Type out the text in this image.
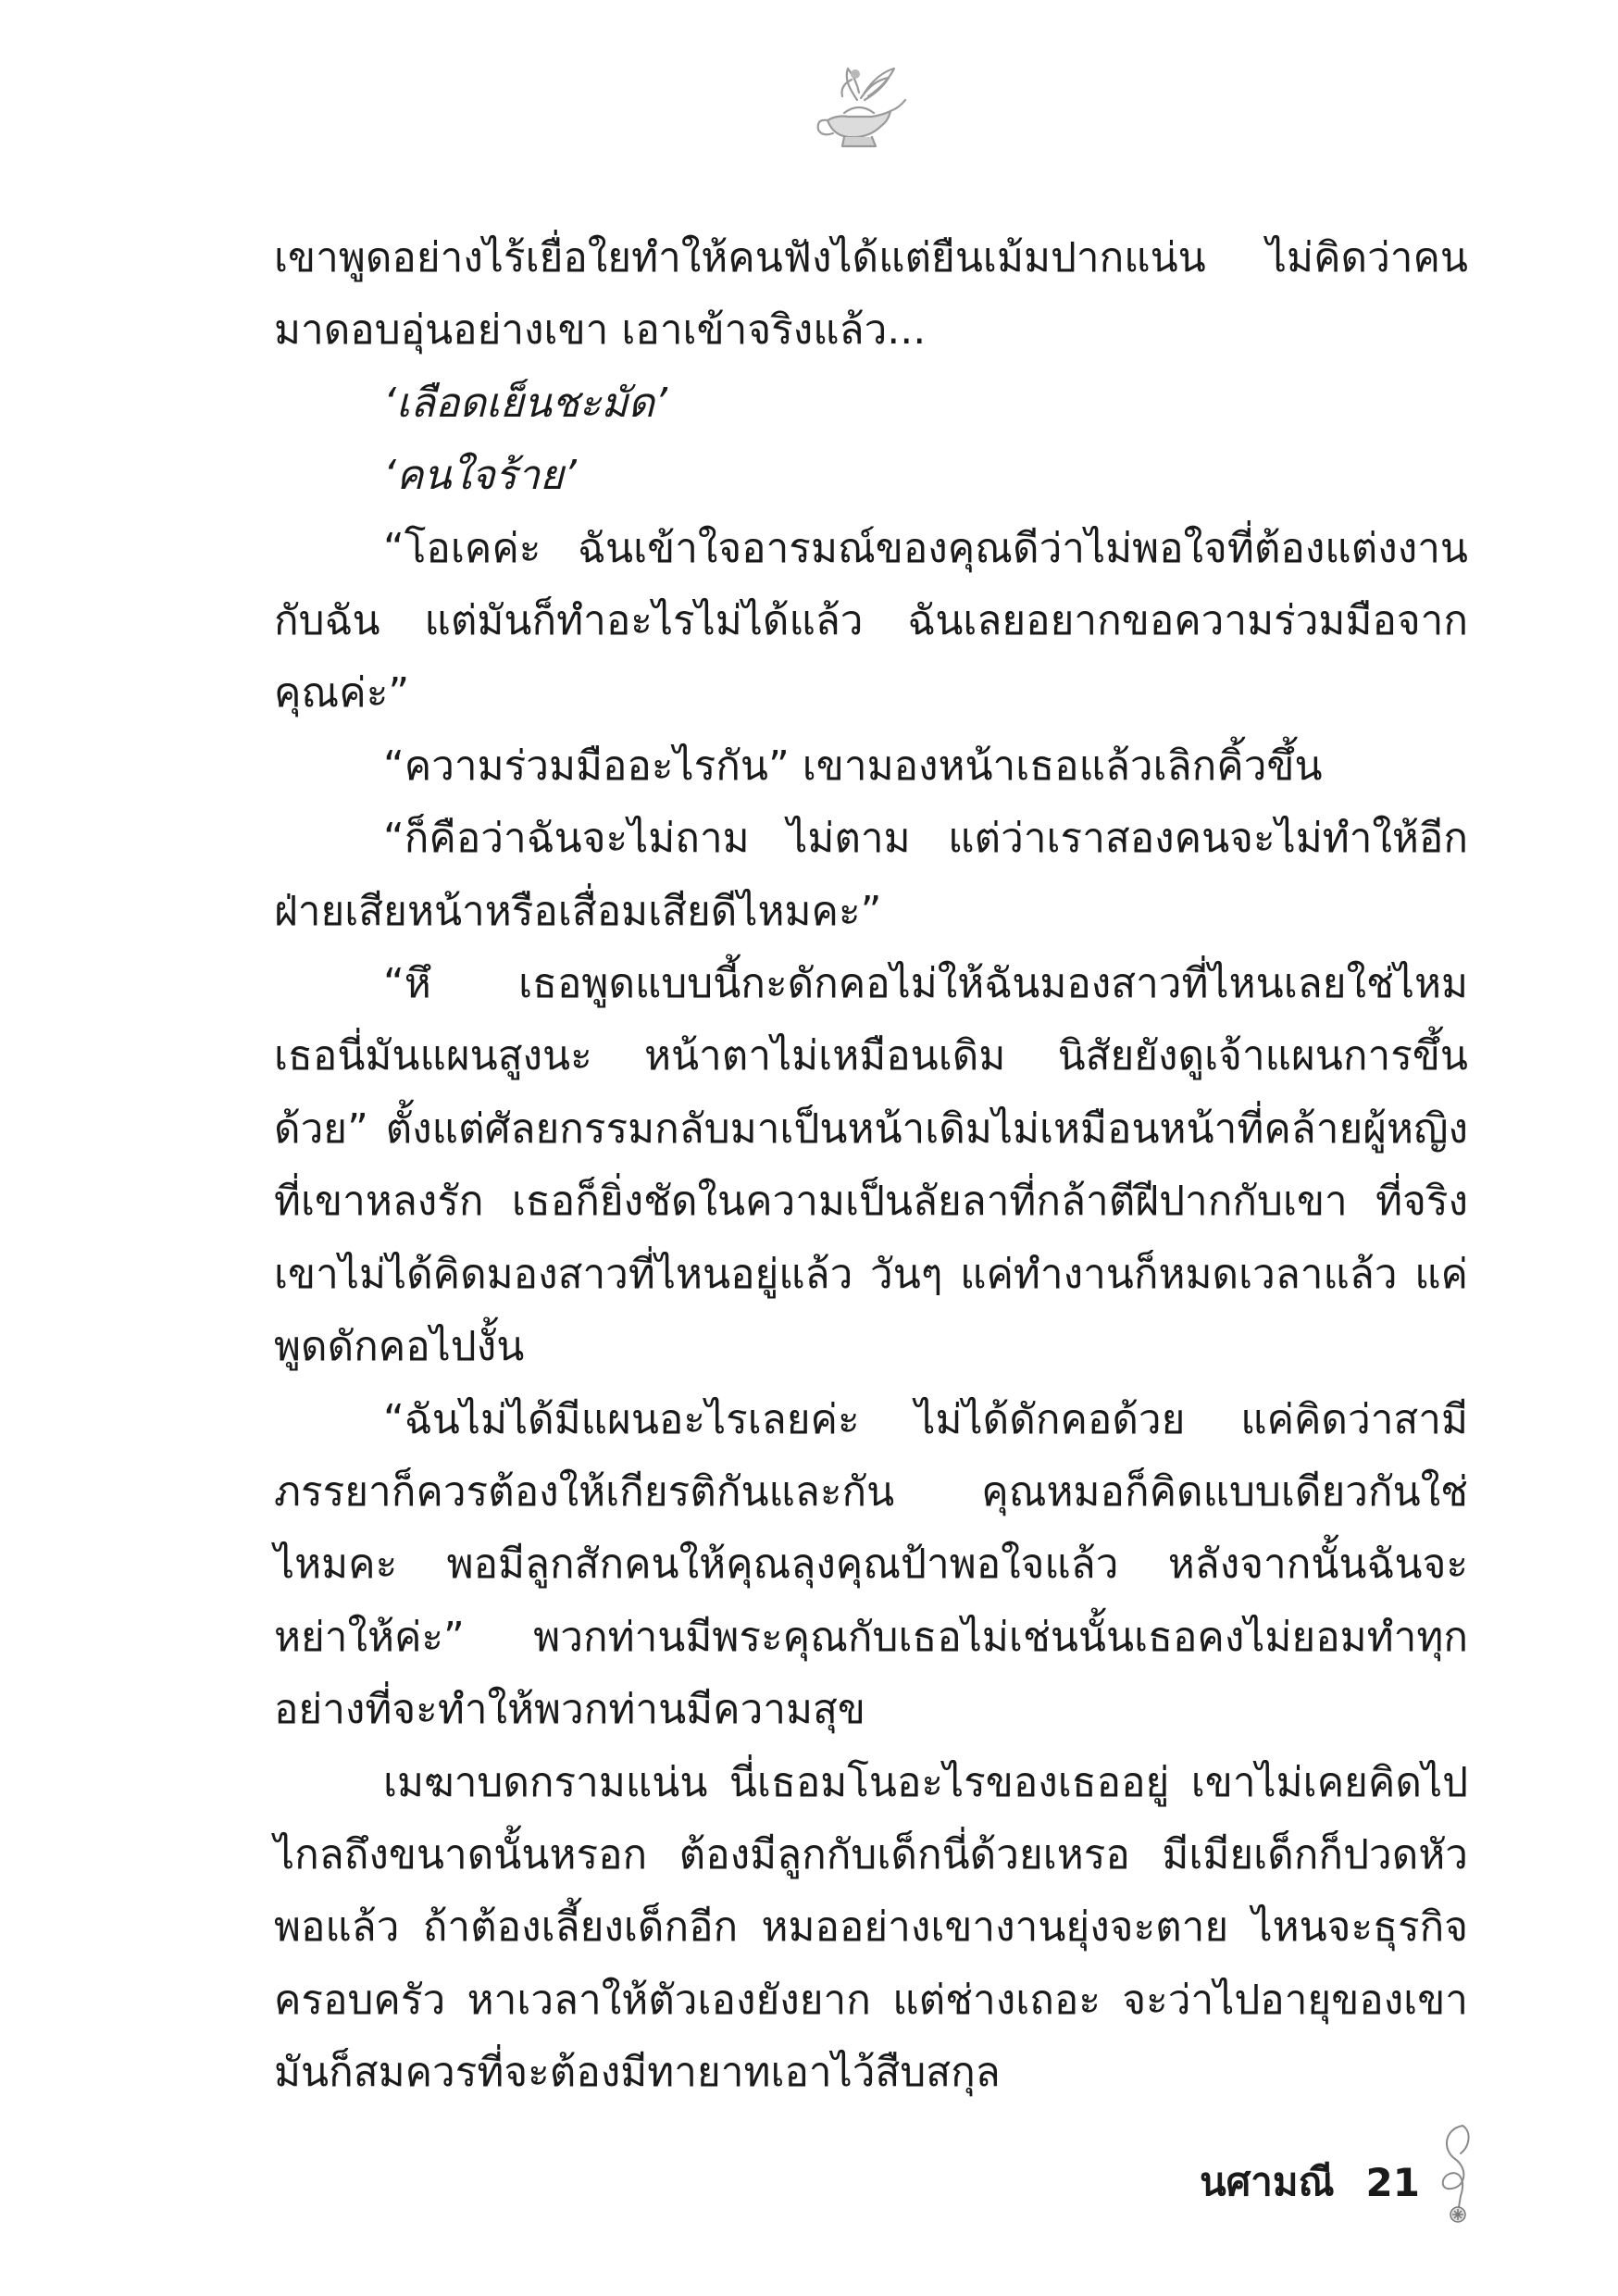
เขาพูดอย่างไร้เยื่อใยทำให้คนฟังได้แต่ยืนเม้มปากแน่น ไม่คิดว่าคนมาดอบอุ่นอย่างเขา เอาเข้าจริงแล้ว...

‘เลือดเย็นชะมัด’

‘คนใจร้าย’

“โอเคค่ะ ฉันเข้าใจอารมณ์ของคุณดีว่าไม่พอใจที่ต้องแต่งงานกับฉัน แต่มันก็ทำอะไรไม่ได้แล้ว ฉันเลยอยากขอความร่วมมือจากคุณค่ะ”

“ความร่วมมืออะไรกัน” เขามองหน้าเธอแล้วเลิกคิ้วขึ้น

“ก็คือว่าฉันจะไม่ถาม ไม่ตาม แต่ว่าเราสองคนจะไม่ทำให้อีกฝ่ายเสียหน้าหรือเสื่อมเสียดีไหมคะ”

“หึ เธอพูดแบบนี้กะดักคอไม่ให้ฉันมองสาวที่ไหนเลยใช่ไหม เธอนี่มันแผนสูงนะ หน้าตาไม่เหมือนเดิม นิสัยยังดูเจ้าแผนการขึ้นด้วย” ตั้งแต่ศัลยกรรมกลับมาเป็นหน้าเดิมไม่เหมือนหน้าที่คล้ายผู้หญิงที่เขาหลงรัก เธอก็ยิ่งชัดในความเป็นลัยลาที่กล้าตีฝีปากกับเขา ที่จริงเขาไม่ได้คิดมองสาวที่ไหนอยู่แล้ว วันๆ แค่ทำงานก็หมดเวลาแล้ว แค่พูดดักคอไปงั้น

“ฉันไม่ได้มีแผนอะไรเลยค่ะ ไม่ได้ดักคอด้วย แค่คิดว่าสามีภรรยาก็ควรต้องให้เกียรติกันและกัน คุณหมอก็คิดแบบเดียวกันใช่ไหมคะ พอมีลูกสักคนให้คุณลุงคุณป้าพอใจแล้ว หลังจากนั้นฉันจะหย่าให้ค่ะ” พวกท่านมีพระคุณกับเธอไม่เช่นนั้นเธอคงไม่ยอมทำทุกอย่างที่จะทำให้พวกท่านมีความสุข

เมฆาบดกรามแน่น นี่เธอมโนอะไรของเธออยู่ เขาไม่เคยคิดไปไกลถึงขนาดนั้นหรอก ต้องมีลูกกับเด็กนี่ด้วยเหรอ มีเมียเด็กก็ปวดหัวพอแล้ว ถ้าต้องเลี้ยงเด็กอีก หมออย่างเขางานยุ่งจะตาย ไหนจะธุรกิจครอบครัว หาเวลาให้ตัวเองยังยาก แต่ช่างเถอะ จะว่าไปอายุของเขามันก็สมควรที่จะต้องมีทายาทเอาไว้สืบสกุล

นศามณี 21
